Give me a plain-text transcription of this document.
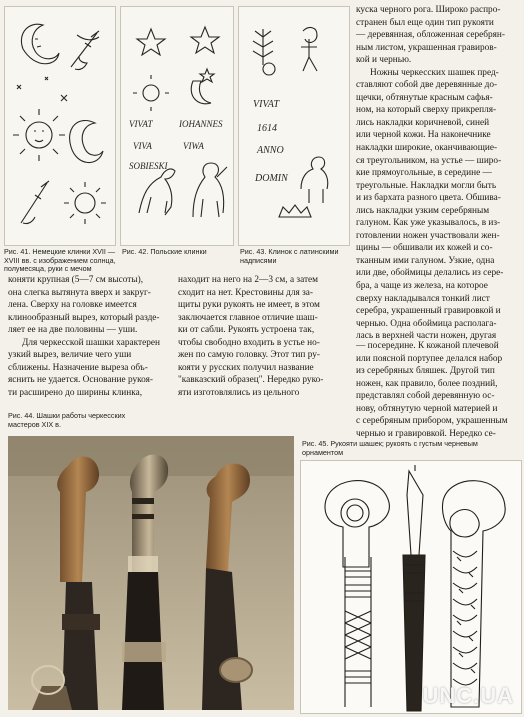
Рис. 41. Немецкие клинки XVII — XVIII вв. с изображением солнца, полумесяца, руки с мечом
VIVAT	IOHANNES
VIVA	VIWA
SOBIESKI
Рис. 42. Польские клинки
VIVAT
1614
ANNO
DOMIN
Рис. 43. Клинок с латинскими надписями
куска черного рога. Широко распро-
странен был еще один тип рукояти
— деревянная, обложенная серебрян-
ным листом, украшенная гравиров-
кой и чернью.
Ножны черкесских шашек пред-
ставляют собой две деревянные до-
щечки, обтянутые красным сафья-
ном, на который сверху прикрепля-
лись накладки коричневой, синей
или черной кожи. На наконечнике
накладки широкие, оканчивающие-
ся треугольником, на устье — широ-
кие прямоугольные, в середине —
треугольные. Накладки могли быть
и из бархата разного цвета. Обшива-
лись накладки узким серебряным
галуном. Как уже указывалось, в из-
готовлении ножен участвовали жен-
щины — обшивали их кожей и со-
тканным ими галуном. Узкие, одна
или две, обоймицы делались из сере-
бра, а чаще из железа, на которое
сверху накладывался тонкий лист
серебра, украшенный гравировкой и
чернью. Одна обоймица располага-
лась в верхней части ножен, другая
коняти крупная (5—7 см высоты),
она слегка вытянута вверх и закруг-
лена. Сверху на головке имеется
клинообразный вырез, который разде-
ляет ее на две половины — уши.
Для черкесской шашки характерен
узкий вырез, величие чего уши
сближены. Назначение выреза объ-
яснить не удается. Основание рукоя-
ти расширено до ширины клинка,
находит на него на 2—3 см, а затем
сходит на нет. Крестовины для за-
щиты руки рукоять не имеет, в этом
заключается главное отличие шаш-
ки от сабли. Рукоять устроена так,
чтобы свободно входить в устье но-
жен по самую головку. Этот тип ру-
кояти у русских получил название
"кавказский образец". Нередко руко-
яти изготовлялись из цельного
— посередине. К кожаной плечевой
или поясной портупее делался набор
из серебряных бляшек. Другой тип
ножен, как правило, более поздний,
представлял собой деревянную ос-
нову, обтянутую черной материей и
с серебряным прибором, украшенным
чернью и гравировкой. Нередко се-
Рис. 44. Шашки работы черкесских мастеров XIX в.
Рис. 45. Рукояти шашек; рукоять с густым черневым орнаментом
UNC.UA
